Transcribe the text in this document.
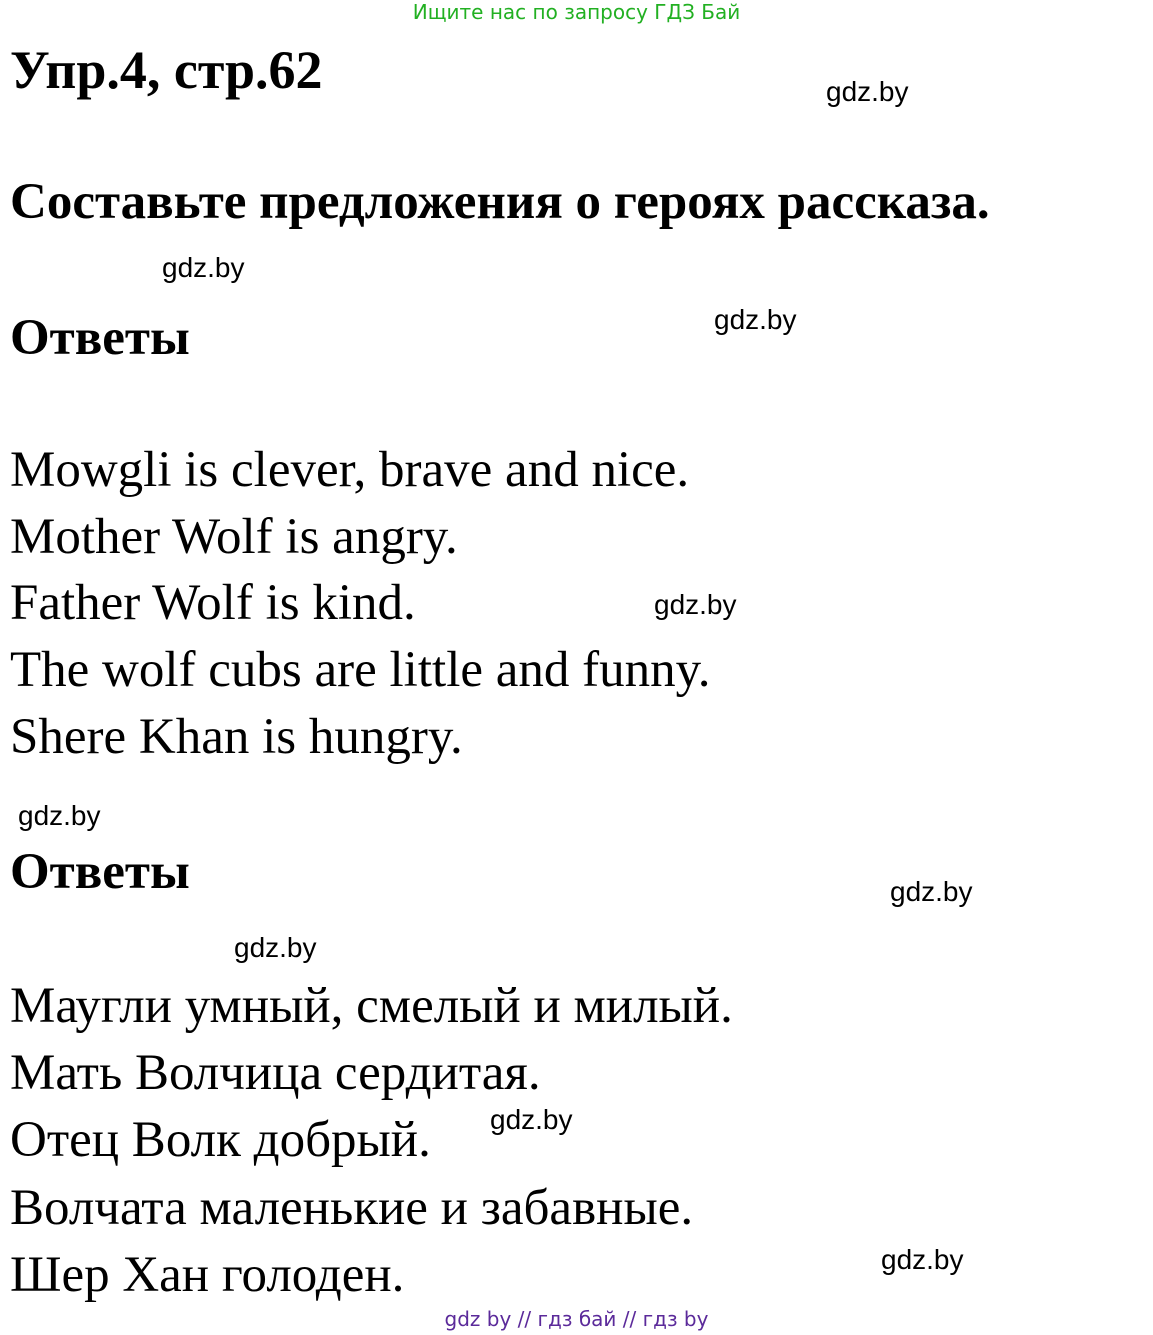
Ищите нас по запросу ГДЗ Бай
Упр.4, стр.62	gdz.by
Составьте предложения о героях рассказа.
gdz.by
Ответы	gdz.by
Mowgli is clever, brave and nice.
Mother Wolf is angry.
Father Wolf is kind.
The wolf cubs are little and funny.
Shere Khan is hungry.
gdz.by
gdz.by
Ответы	gdz.by
gdz.by
Маугли умный, смелый и милый.
Мать Волчица сердитая.
Отец Волк добрый.
Волчата маленькие и забавные.
Шер Хан голоден.
gdz.by
gdz.by
gdz by // гдз бай // гдз by
